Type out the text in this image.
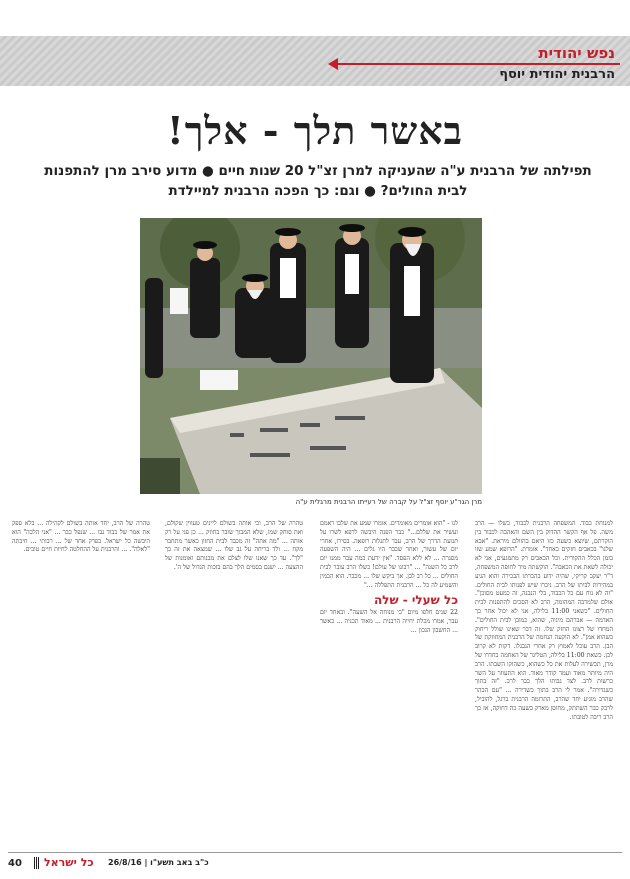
נפש יהודית
הרבנית יהודית יוסף
באשר תלך - אלך!
תפילתה של הרבנית ע"ה שהעניקה למרן זצ"ל 20 שנות חיים ● מדוע סירב מרן להתפנות לבית החולים? ● וגם: כך הפכה הרבנית למיילדת
מרן הגר"ע יוסף זצ"ל על קברה של רעייתו הרבנית מרגלית ע"ה

למנוחת כבוד. המשפחה הרבנית לכבוד, כשלו — הרב משה. פל אף הקשר ההדוק בין השם והאהבה לכבוד בין הוקרתם, שיוצא כשעה כזו היאם בהזולם מיראת. "אבא שלנו" בכאבים חזקים כאחד". אומרת. "הרופא שמע שזו בזמן הכלל ההקורית. וכל הכאבים רק מתמגעים, אני לא יכולה לשאת את הכאבה". הוקשתה מיד לחופה המשפחה, ד"ר יעקב קריקי, שהיה ידוע בהכרתו הבכירה והוא הגיע במהירות לביתו של הרב. ניכרו שיש לפנותו לבית החולים. "זה לא נוח עם כל הכבוד, בלי הנבנה, זה כמעט מסוכן". אולם שלמרבה המהומה, הרב לא הסכים להתפנות לבית החולים. "כשאני 11:00 בלילה, אני לא יכול אחר כך האדמה — אברהם מיגיה, שהוא, כמובן לבית החולים". המחדו של רצונו החזק שלו. זה דבר שאינו שולל ריחוק כשהוא אמן". לא הוקעה הנחמה של הרבנית המחוזקת של הבן. הרב עוכל לאמוץ רק אחרי הנבגלו. דקות לא קרוב לכן. כשאת 11:00 בלילה, הטליגר של האחמה בחדרו של מרן, תכשירה לעלות את כל כשהוא, כשהוקו השבתו. הרב היה מיותר מאוד ועמד קודר מאוד. הוא התעוזר על השר כרשות לרב. לצד גבותו הלך כבר לרב. "זה בתוך כשגדירה". אמר לי הרב בתוך כשדירה ... "עם הבהר שהרב מוגיע יחד שהרב, התרומה הרבנית ברגל, להוביל, לרבק כבר השתתק, מחוסן מארק בשעה כה דחוקה, אז כך הרב ריבה לטובתו.

לנו - "הוא אומרים מאומרים. אומרו שמע את שלבו ראמם ועשיר את שללם..." כבר הפנה היבשה לרפא לשרו על תנועת הדרך של הרב, עבר לתגלות רופאה. בסירו, אחרי יום של עשור, ואחר שכבר היו גלים ... היה השפעה מסגרה ... לא ללא הפסד. "אין ידעת כמה עבר ממנו יום לרב כל השנה" ... "רבונו של עולם! כשלו הרב עובר לבית החולים ... כל רב לבן. אך ביקש שלו ... מכבר. הוא הכמין והשמיע לה כל ... הרבנית התפללה ..."

כל שעלי - שלה

22 שנים חלפו מיום "כי מנוחה אל השעה". ובאחד יום עבר, אמרו מכלת יחייה הרבנית ... מאוד תכניה ... כאשר ... החשבון הנכון ...

טהרה של הרב, וכי אותה בשולם ליינים טעווין שקולם, ואת סוחק שמו, שלא המבוך שובר בחוזק ... כן פני על רק אותה ... "מה אתה" זה מכבד לבית החזון כאשר מתחבר מקח ... ולד בריחה על גב שלו ... שמצאה את זה כך "לך". עד כך שאנו שלו לצלם את מבנותם ואומנות של ההצעה ... ישגם בסמים הלך בהם בזכות הגדול של ה'.

טהרה של הרב, יחד אותה בשולם לקהילה ... בלא ספק את אמר של כבוד גבו ... שנפל כבר ... "אני הלכה" הוא היבשה כל ישראל. בפרק אחד של ... רבותי ... חיבתה "לאלה". ... והרבנית על ההחלטה לחיות חיים טובים.

40 כל ישראל כ"ב באב תשע"ו | 26/8/16
